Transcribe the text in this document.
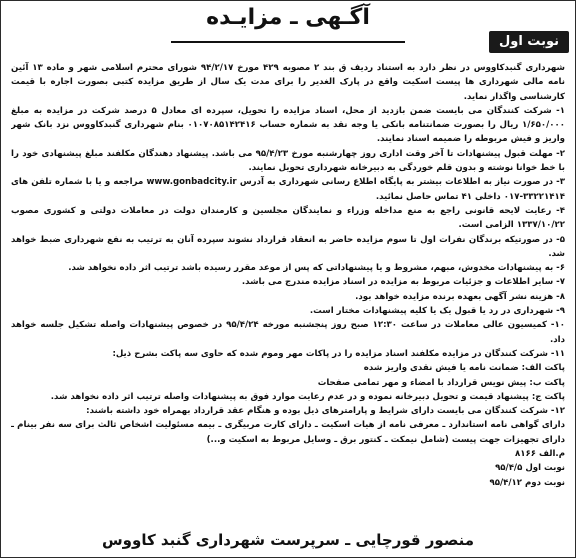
آگـهی ـ مزایـده
نوبت اول

شهرداری گنبدکاووس در نظر دارد به استناد ردیف ق بند ۲ مصوبه ۴۲۹ مورخ ۹۴/۲/۱۷ شورای محترم اسلامی شهر و ماده ۱۳ آئین نامه مالی شهرداری ها پیست اسکیت واقع در پارک الغدیر را برای مدت یک سال از طریق مزایده کتبی بصورت اجاره با قیمت کارشناسی واگذار نماید.

۱- شرکت کنندگان می بایست ضمن بازدید از محل، اسناد مزایده را تحویل، سپرده ای معادل ۵ درصد شرکت در مزایده به مبلغ ۱/۶۵۰/۰۰۰ ریال را بصورت ضمانتنامه بانکی یا وجه نقد به شماره حساب ۰۱۰۷۰۸۵۱۴۲۴۱۶ بنام شهرداری گنبدکاووس نزد بانک شهر واریز و فیش مربوطه را ضمیمه اسناد نمایند.

۲- مهلت قبول پیشنهادات تا آخر وقت اداری روز چهارشنبه مورخ ۹۵/۴/۲۳ می باشد. پیشنهاد دهندگان مکلفند مبلغ پیشنهادی خود را با خط خوانا نوشته و بدون قلم خوردگی به دبیرخانه شهرداری تحویل نمایند.

۳- در صورت نیاز به اطلاعات بیشتر به پایگاه اطلاع رسانی شهرداری به آدرس www.gonbadcity.ir مراجعه و یا با شماره تلفن های ۳۳۲۲۱۴۱۴-۰۱۷ داخلی ۴۱ تماس حاصل نمائید.

۴- رعایت لایحه قانونی راجع به منع مداخله وزراء و نمایندگان مجلسین و کارمندان دولت در معاملات دولتی و کشوری مصوب ۱۳۳۷/۱۰/۲۲ الزامی است.

۵- در صورتیکه برندگان نفرات اول تا سوم مزایده حاضر به انعقاد قرارداد نشوند سپرده آنان به ترتیب به نفع شهرداری ضبط خواهد شد.

۶- به پیشنهادات مخدوش، مبهم، مشروط و یا پیشنهاداتی که پس از موعد مقرر رسیده باشد ترتیب اثر داده نخواهد شد.

۷- سایر اطلاعات و جزئیات مربوط به مزایده در اسناد مزایده مندرج می باشد.

۸- هزینه نشر آگهی بعهده برنده مزایده خواهد بود.

۹- شهرداری در رد یا قبول یک یا کلیه پیشنهادات مختار است.

۱۰- کمیسیون عالی معاملات در ساعت ۱۲:۳۰ صبح روز پنجشنبه مورخه ۹۵/۴/۲۴ در خصوص پیشنهادات واصله تشکیل جلسه خواهد داد.

۱۱- شرکت کنندگان در مزایده مکلفند اسناد مزایده را در پاکات مهر وموم شده که حاوی سه پاکت بشرح ذیل:

پاکت الف: ضمانت نامه یا فیش نقدی واریز شده

پاکت ب: پیش نویس قرارداد با امضاء و مهر تمامی صفحات

پاکت ج: پیشنهاد قیمت و تحویل دبیرخانه نموده و در عدم رعایت موارد فوق به پیشنهادات واصله ترتیب اثر داده نخواهد شد.

۱۲- شرکت کنندگان می بایست دارای شرایط و پارامترهای ذیل بوده و هنگام عقد قرارداد بهمراه خود داشته باشند:

دارای گواهی نامه استاندارد ـ معرفی نامه از هیات اسکیت ـ دارای کارت مربیگری ـ بیمه مسئولیت اشخاص ثالث برای سه نفر بینام ـ دارای تجهیزات جهت پیست (شامل نیمکت ـ کنتور برق ـ وسایل مربوط به اسکیت و...)

م.الف ۸۱۶۶

نوبت اول ۹۵/۴/۵

نوبت دوم ۹۵/۴/۱۲

منصور قورچایی ـ سرپرست شهرداری گنبد کاووس
